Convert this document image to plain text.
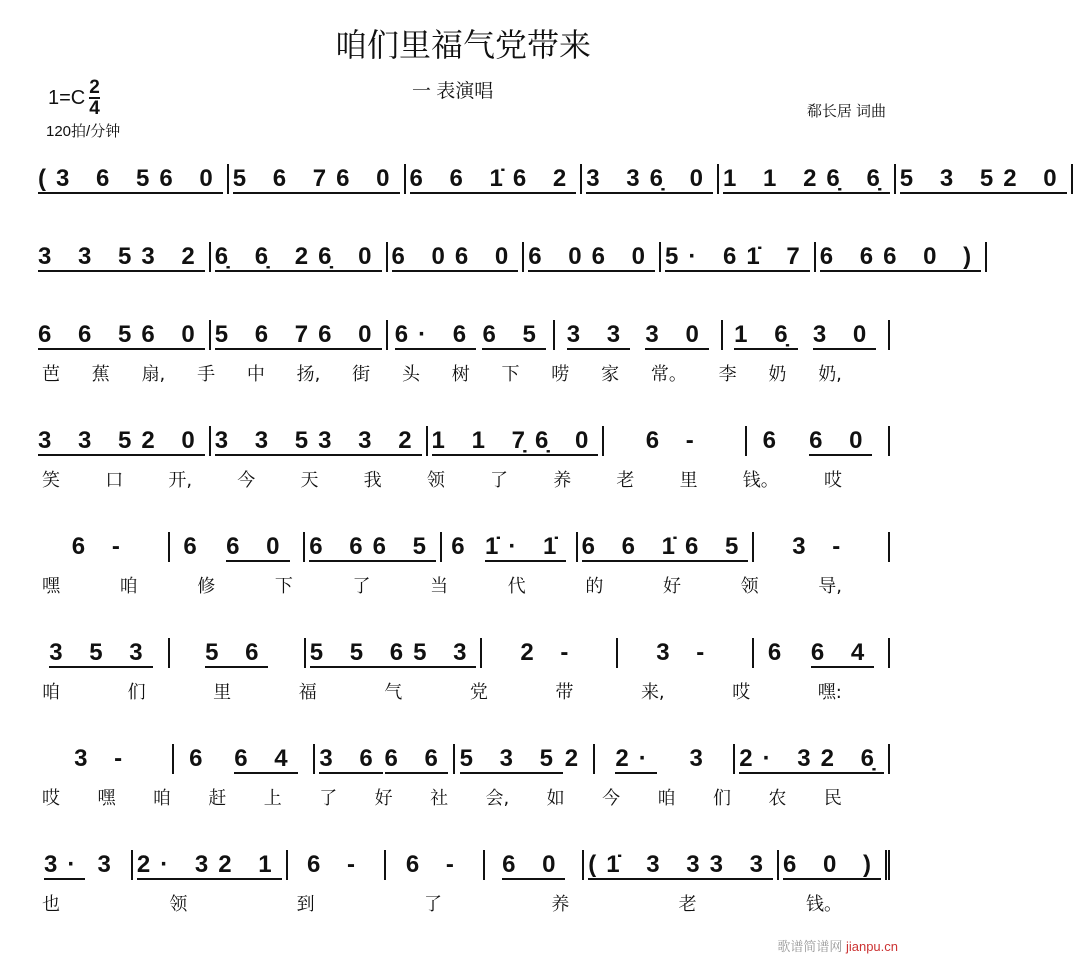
咱们里福气党带来
$1=C \frac{2}{4}$
120拍/分钟
一 表演唱
郗长居 词曲
(3 6 5 6 0 5 6 7 6 0 6 6 1̇ 6 2 3 3 6̣ 0 1 1 2 6̣ 6̣ 5 3 5 2 0
3 3 5 3 2 6̣ 6̣ 2 6̣ 0 6 0 6 0 6 0 6 0 5· 6 1̇ 7 6 6 6 0 )
6 6 5 6 0 5 6 7 6 0 6· 6 6 5 3 3 3 0 1 6̣ 3 0
芭 蕉 扇, 手 中 扬, 街 头 树 下 唠 家 常。 李 奶 奶,
3 3 5 2 0 3 3 5 3 3 2 1 1 7̣ 6̣ 0 6 - 6 6 0
笑	口	开,	今	天	我	领	了	养	老	里	钱。	哎
6 - 6 6 0 6 6 6 5 6 1̇· 1̇ 6 6 1̇ 6 5 3 -
嘿	咱	修	下	了	当	代	的	好	领	导,
3 5 3 5 6 5 5 6 5 3 2 -	3 - 6 6 4
咱	们	里	福	气	党	带	来,	哎	嘿:
3 - 6 6 4 3 6 6 6 5 3 5 2 2· 3 2· 3 2 6̣
哎 嘿 咱 赶 上 了 好 社 会, 如 今 咱 们 农 民
3· 3 2· 3 2 1 6 - 6 - 6 0 (1̇ 3 3 3 3 6 0 )
也	领	到	了	养	老	钱。
歌谱简谱网 jianpu.cn
